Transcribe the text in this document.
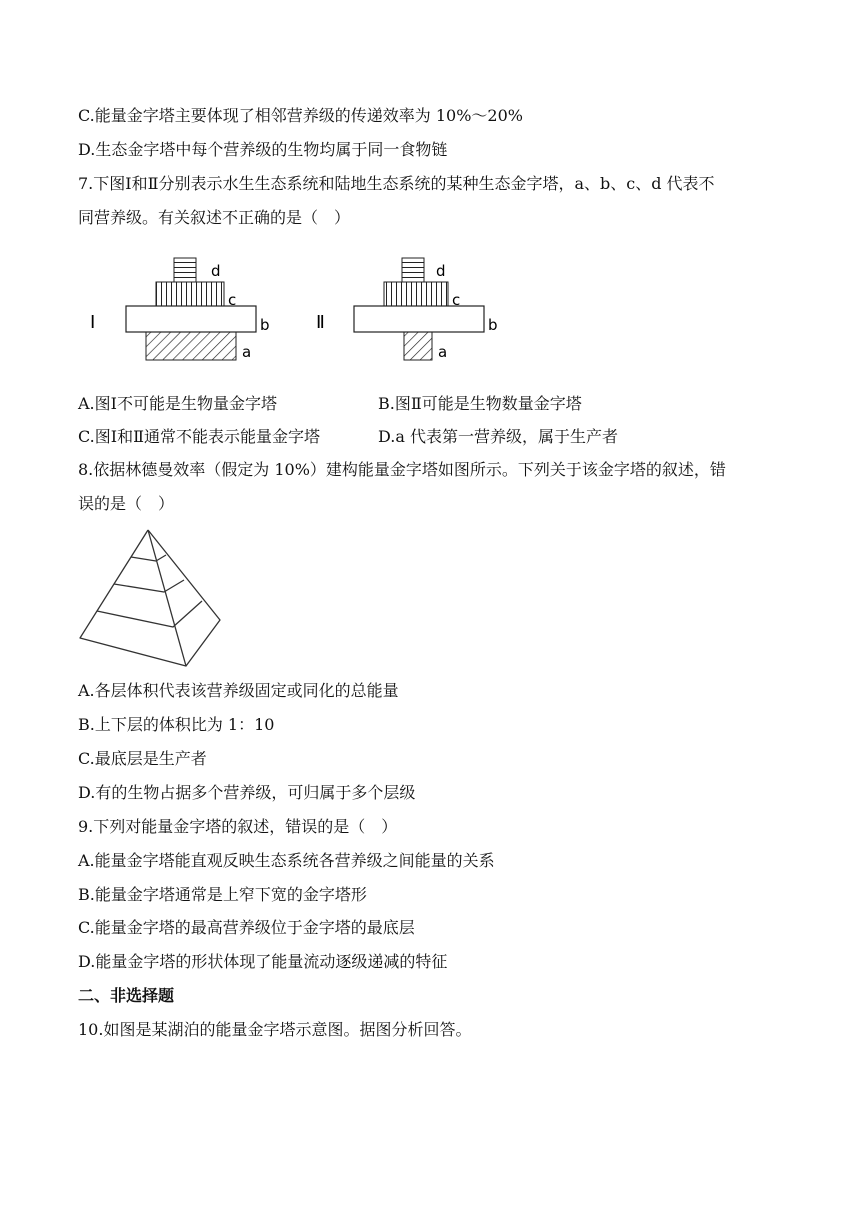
C.能量金字塔主要体现了相邻营养级的传递效率为 10%～20%
D.生态金字塔中每个营养级的生物均属于同一食物链
7.下图Ⅰ和Ⅱ分别表示水生生态系统和陆地生态系统的某种生态金字塔，a、b、c、d 代表不
同营养级。有关叙述不正确的是（　）
Ⅰ
d
c
b
a
Ⅱ
d
c
b
a
A.图Ⅰ不可能是生物量金字塔	B.图Ⅱ可能是生物数量金字塔
C.图Ⅰ和Ⅱ通常不能表示能量金字塔	D.a 代表第一营养级，属于生产者
8.依据林德曼效率（假定为 10%）建构能量金字塔如图所示。下列关于该金字塔的叙述，错
误的是（　）
A.各层体积代表该营养级固定或同化的总能量
B.上下层的体积比为 1：10
C.最底层是生产者
D.有的生物占据多个营养级，可归属于多个层级
9.下列对能量金字塔的叙述，错误的是（　）
A.能量金字塔能直观反映生态系统各营养级之间能量的关系
B.能量金字塔通常是上窄下宽的金字塔形
C.能量金字塔的最高营养级位于金字塔的最底层
D.能量金字塔的形状体现了能量流动逐级递减的特征
二、非选择题
10.如图是某湖泊的能量金字塔示意图。据图分析回答。
